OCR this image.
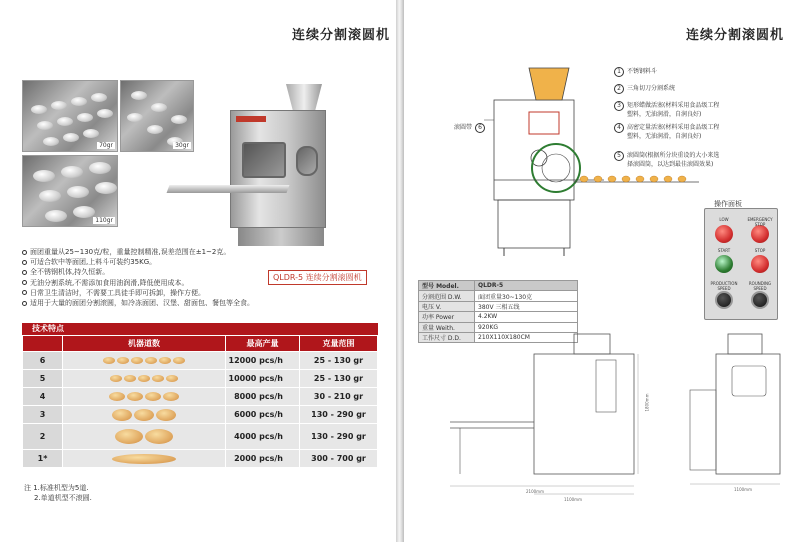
连续分割滚圆机
70gr	30gr
110gr
QLDR-5 连续分割滚圆机
面团重量从25~130克/粒，重量控制精准,误差范围在±1~2克。
可适合软中等面团,上料斗可装约35KG。
全不锈钢机体,持久恒新。
无油分割系统,不需添加食用油润滑,降低使用成本。
日常卫生清洁时，不需要工具徒手即可拆卸，操作方便。
适用于大量的面团分割滚圆，如冷冻面团、汉堡、甜面包、餐包等全食。
技术特点
	机器道数	最高产量	克量范围
6		12000 pcs/h	25 - 130 gr
5		10000 pcs/h	25 - 130 gr
4		8000 pcs/h	30 - 210 gr
3		6000 pcs/h	130 - 290 gr
2		4000 pcs/h	130 - 290 gr
1*		2000 pcs/h	300 - 700 gr
注 1.标准机型为5道.
2.单道机型不滚圆.
连续分割滚圆机
1 不锈钢料斗
2 三角切刀分割系统
3 矩形蜡做活塞(材料采用食品级工程
塑料，无油润滑，自润良好)
4 高密定量活塞(材料采用食品级工程
塑料，无油润滑，自润良好)
5 滚圆筒(根据所分块重设的大小来选
择滚圆筒，以达到最佳滚圆效果)
滚圆带 6
操作面板
LOW	EMERGENCY STOP
START	STOP
PRODUCTION SPEED
ROUNDING SPEED
型号 Model.	QLDR-5
分割范围 D.W.	面团重量30~130克
电压 V.	380V 三相五线
功率 Power	4.2KW
重量 Weith.	920KG
工作尺寸 D.D.	210X110X180CM
2100mm
1100mm
1800mm
1100mm
